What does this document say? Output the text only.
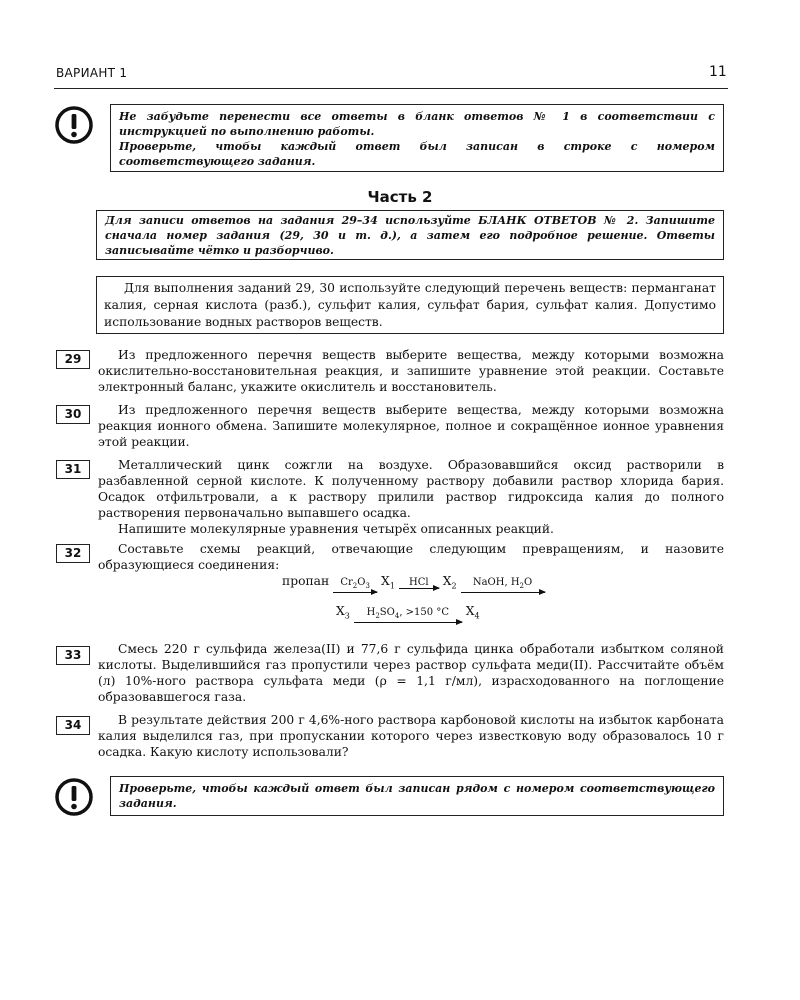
ВАРИАНТ 1	11
Не забудьте перенести все ответы в бланк ответов № 1 в соответствии с инструкцией по выполнению работы.
Проверьте, чтобы каждый ответ был записан в строке с номером соответствующего задания.
Часть 2
Для записи ответов на задания 29–34 используйте БЛАНК ОТВЕТОВ № 2. Запишите сначала номер задания (29, 30 и т. д.), а затем его подробное решение. Ответы записывайте чётко и разборчиво.
Для выполнения заданий 29, 30 используйте следующий перечень веществ: перманганат калия, серная кислота (разб.), сульфит калия, сульфат бария, сульфат калия. Допустимо использование водных растворов веществ.
29	Из предложенного перечня веществ выберите вещества, между которыми возможна окислительно-восстановительная реакция, и запишите уравнение этой реакции. Составьте электронный баланс, укажите окислитель и восстановитель.
30	Из предложенного перечня веществ выберите вещества, между которыми возможна реакция ионного обмена. Запишите молекулярное, полное и сокращённое ионное уравнения этой реакции.
31	Металлический цинк сожгли на воздухе. Образовавшийся оксид растворили в разбавленной серной кислоте. К полученному раствору добавили раствор хлорида бария. Осадок отфильтровали, а к раствору прилили раствор гидроксида калия до полного растворения первоначально выпавшего осадка.
Напишите молекулярные уравнения четырёх описанных реакций.
32	Составьте схемы реакций, отвечающие следующим превращениям, и назовите образующиеся соединения:
пропан	$Cr_2O_3$ $X_1$	HCl	$X_2$	NaOH, $H_2O$
$X_3$	$H_2SO_4$, >150 °C	$X_4$
33	Смесь 220 г сульфида железа(II) и 77,6 г сульфида цинка обработали избытком соляной кислоты. Выделившийся газ пропустили через раствор сульфата меди(II). Рассчитайте объём (л) 10%-ного раствора сульфата меди (ρ = 1,1 г/мл), израсходованного на поглощение образовавшегося газа.
34	В результате действия 200 г 4,6%-ного раствора карбоновой кислоты на избыток карбоната калия выделился газ, при пропускании которого через известковую воду образовалось 10 г осадка. Какую кислоту использовали?
Проверьте, чтобы каждый ответ был записан рядом с номером соответствующего задания.
